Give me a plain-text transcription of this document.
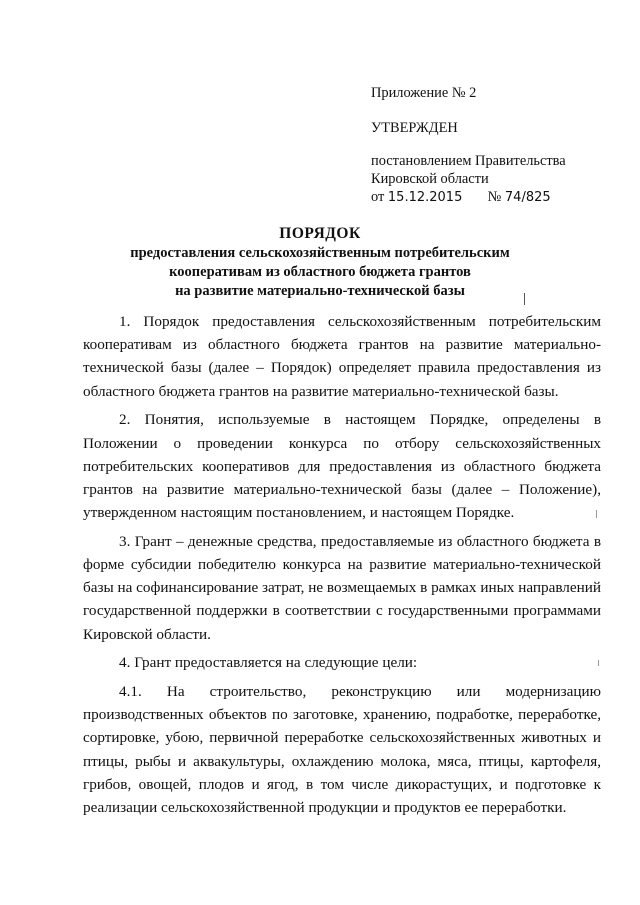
Приложение № 2
УТВЕРЖДЕН
постановлением Правительства
Кировской области
от 15.12.2015 № 74/825
ПОРЯДОК
предоставления сельскохозяйственным потребительским
кооперативам из областного бюджета грантов
на развитие материально-технической базы

1. Порядок предоставления сельскохозяйственным потребительским кооперативам из областного бюджета грантов на развитие материально-технической базы (далее – Порядок) определяет правила предоставления из областного бюджета грантов на развитие материально-технической базы.

2. Понятия, используемые в настоящем Порядке, определены в Положении о проведении конкурса по отбору сельскохозяйственных потребительских кооперативов для предоставления из областного бюджета грантов на развитие материально-технической базы (далее – Положение), утвержденном настоящим постановлением, и настоящем Порядке.

3. Грант – денежные средства, предоставляемые из областного бюджета в форме субсидии победителю конкурса на развитие материально-технической базы на софинансирование затрат, не возмещаемых в рамках иных направлений государственной поддержки в соответствии с государственными программами Кировской области.

4. Грант предоставляется на следующие цели:

4.1. На строительство, реконструкцию или модернизацию производственных объектов по заготовке, хранению, подработке, переработке, сортировке, убою, первичной переработке сельскохозяйственных животных и птицы, рыбы и аквакультуры, охлаждению молока, мяса, птицы, картофеля, грибов, овощей, плодов и ягод, в том числе дикорастущих, и подготовке к реализации сельскохозяйственной продукции и продуктов ее переработки.
